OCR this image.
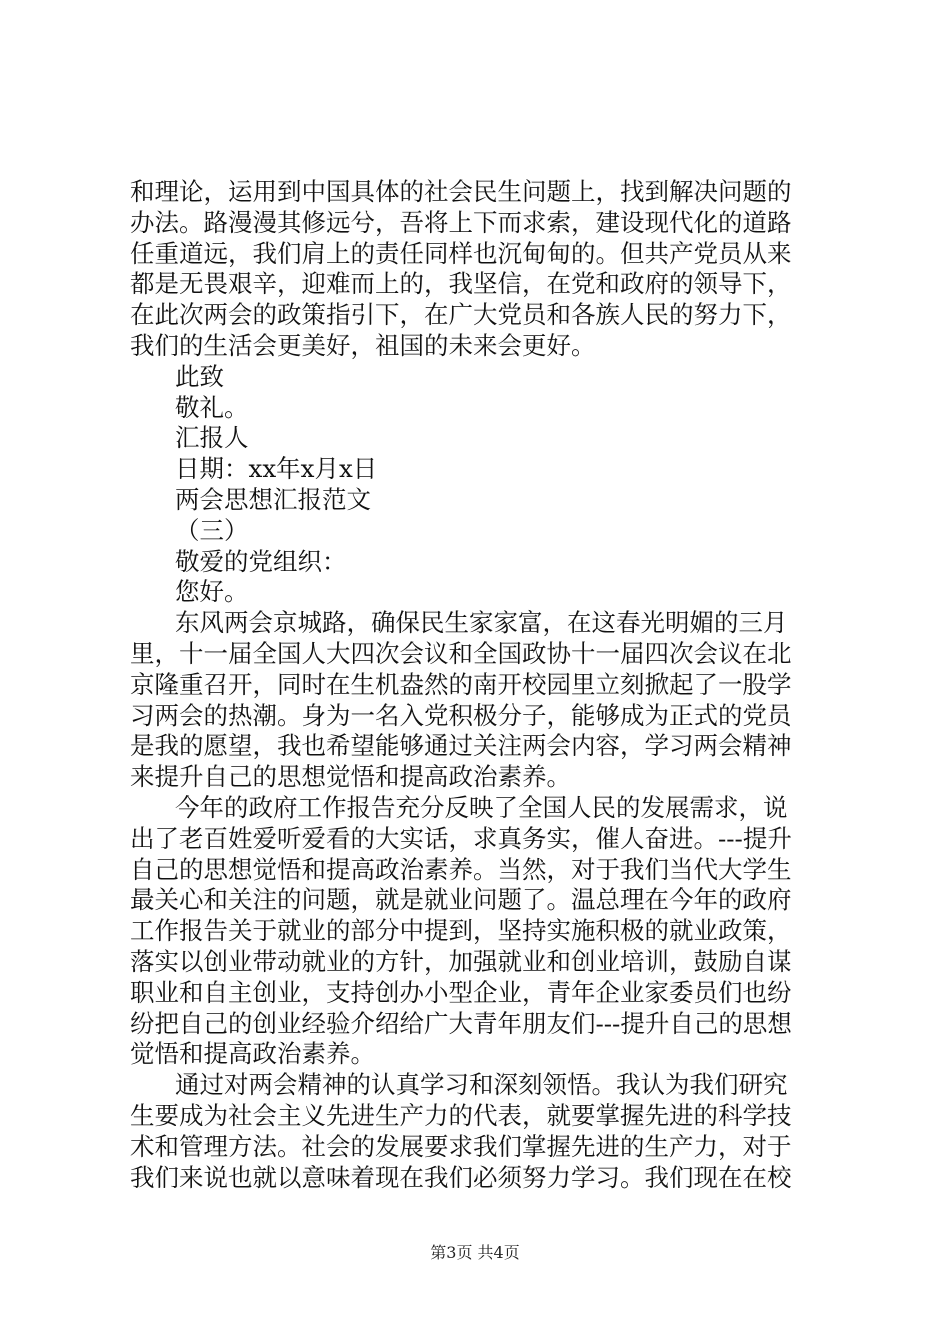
和理论，运用到中国具体的社会民生问题上，找到解决问题的
办法。路漫漫其修远兮，吾将上下而求索，建设现代化的道路
任重道远，我们肩上的责任同样也沉甸甸的。但共产党员从来
都是无畏艰辛，迎难而上的，我坚信，在党和政府的领导下，
在此次两会的政策指引下，在广大党员和各族人民的努力下，
我们的生活会更美好，祖国的未来会更好。
此致
敬礼。
汇报人
日期：xx年x月x日
两会思想汇报范文
（三）
敬爱的党组织：
您好。
东风两会京城路，确保民生家家富，在这春光明媚的三月
里，十一届全国人大四次会议和全国政协十一届四次会议在北
京隆重召开，同时在生机盎然的南开校园里立刻掀起了一股学
习两会的热潮。身为一名入党积极分子，能够成为正式的党员
是我的愿望，我也希望能够通过关注两会内容，学习两会精神
来提升自己的思想觉悟和提高政治素养。
今年的政府工作报告充分反映了全国人民的发展需求，说
出了老百姓爱听爱看的大实话，求真务实，催人奋进。---提升
自己的思想觉悟和提高政治素养。当然，对于我们当代大学生
最关心和关注的问题，就是就业问题了。温总理在今年的政府
工作报告关于就业的部分中提到，坚持实施积极的就业政策，
落实以创业带动就业的方针，加强就业和创业培训，鼓励自谋
职业和自主创业，支持创办小型企业，青年企业家委员们也纷
纷把自己的创业经验介绍给广大青年朋友们---提升自己的思想
觉悟和提高政治素养。
通过对两会精神的认真学习和深刻领悟。我认为我们研究
生要成为社会主义先进生产力的代表，就要掌握先进的科学技
术和管理方法。社会的发展要求我们掌握先进的生产力，对于
我们来说也就以意味着现在我们必须努力学习。我们现在在校
第3页 共4页
